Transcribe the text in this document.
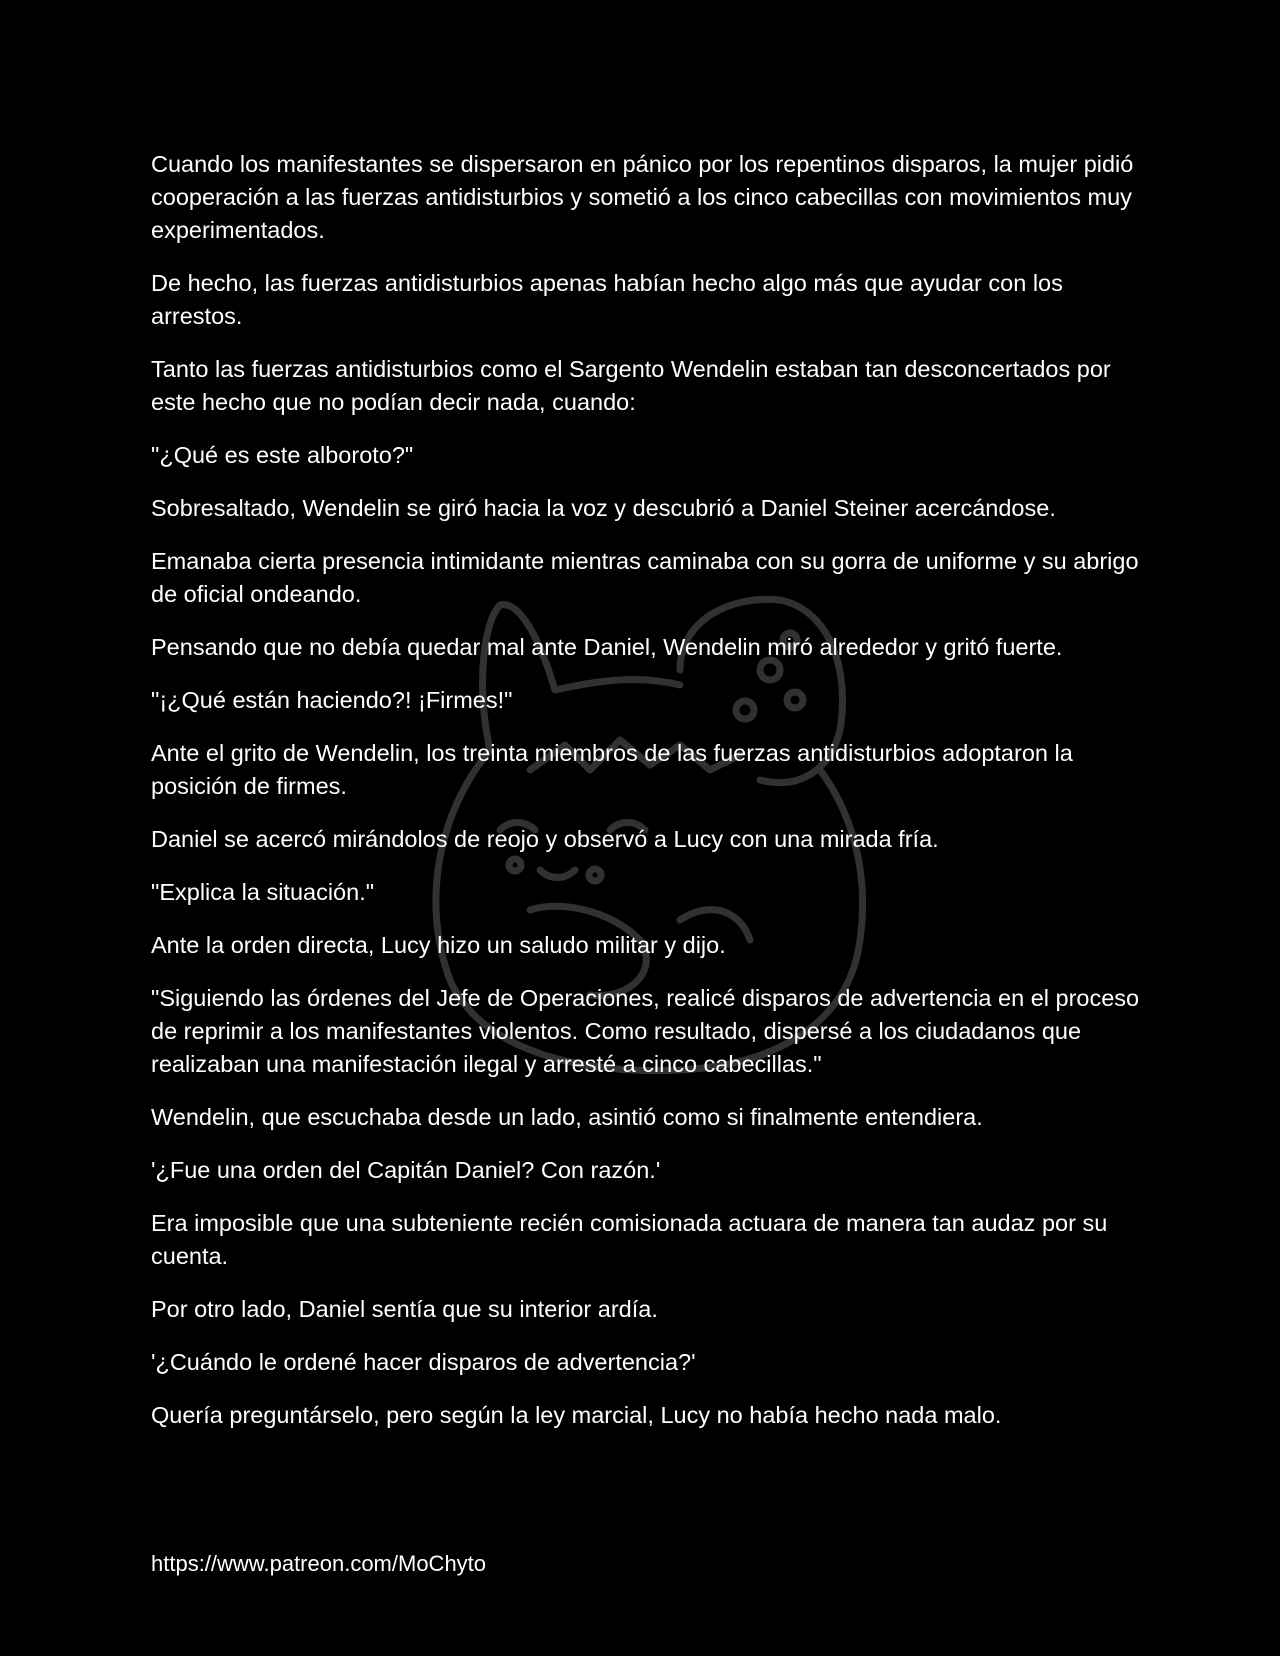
Cuando los manifestantes se dispersaron en pánico por los repentinos disparos, la mujer pidió cooperación a las fuerzas antidisturbios y sometió a los cinco cabecillas con movimientos muy experimentados.

De hecho, las fuerzas antidisturbios apenas habían hecho algo más que ayudar con los arrestos.

Tanto las fuerzas antidisturbios como el Sargento Wendelin estaban tan desconcertados por este hecho que no podían decir nada, cuando:

"¿Qué es este alboroto?"

Sobresaltado, Wendelin se giró hacia la voz y descubrió a Daniel Steiner acercándose.

Emanaba cierta presencia intimidante mientras caminaba con su gorra de uniforme y su abrigo de oficial ondeando.

Pensando que no debía quedar mal ante Daniel, Wendelin miró alrededor y gritó fuerte.

"¡¿Qué están haciendo?! ¡Firmes!"

Ante el grito de Wendelin, los treinta miembros de las fuerzas antidisturbios adoptaron la posición de firmes.

Daniel se acercó mirándolos de reojo y observó a Lucy con una mirada fría.

"Explica la situación."

Ante la orden directa, Lucy hizo un saludo militar y dijo.

"Siguiendo las órdenes del Jefe de Operaciones, realicé disparos de advertencia en el proceso de reprimir a los manifestantes violentos. Como resultado, dispersé a los ciudadanos que realizaban una manifestación ilegal y arresté a cinco cabecillas."

Wendelin, que escuchaba desde un lado, asintió como si finalmente entendiera.

'¿Fue una orden del Capitán Daniel? Con razón.'

Era imposible que una subteniente recién comisionada actuara de manera tan audaz por su cuenta.

Por otro lado, Daniel sentía que su interior ardía.

'¿Cuándo le ordené hacer disparos de advertencia?'

Quería preguntárselo, pero según la ley marcial, Lucy no había hecho nada malo.

https://www.patreon.com/MoChyto
